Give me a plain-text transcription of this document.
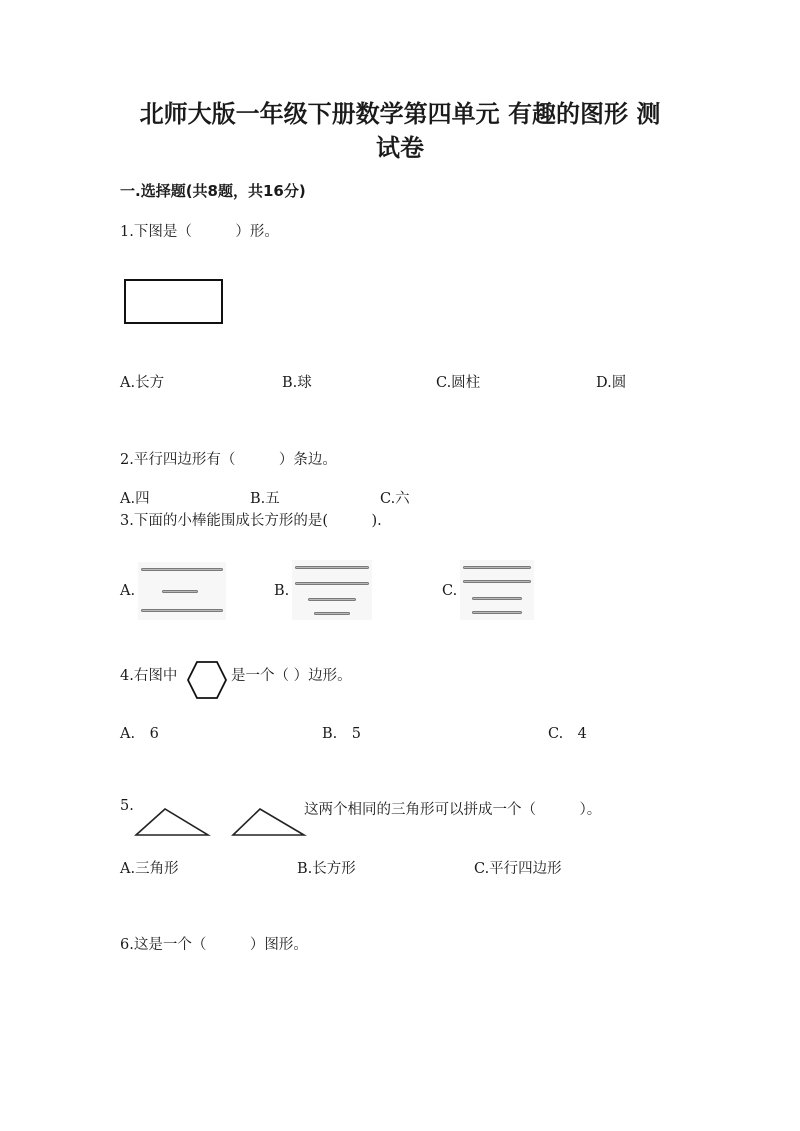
北师大版一年级下册数学第四单元 有趣的图形 测
试卷
一.选择题(共8题，共16分)
1.下图是（　　　）形。
A.长方	B.球	C.圆柱	D.圆
2.平行四边形有（　　　）条边。
A.四	B.五	C.六
3.下面的小棒能围成长方形的是(　　　).
A.	B.	C.
4.右图中	是一个（ ）边形。
A.　6	B.　5	C.　4
5.	这两个相同的三角形可以拼成一个（　　　）。
A.三角形	B.长方形	C.平行四边形
6.这是一个（　　　）图形。
